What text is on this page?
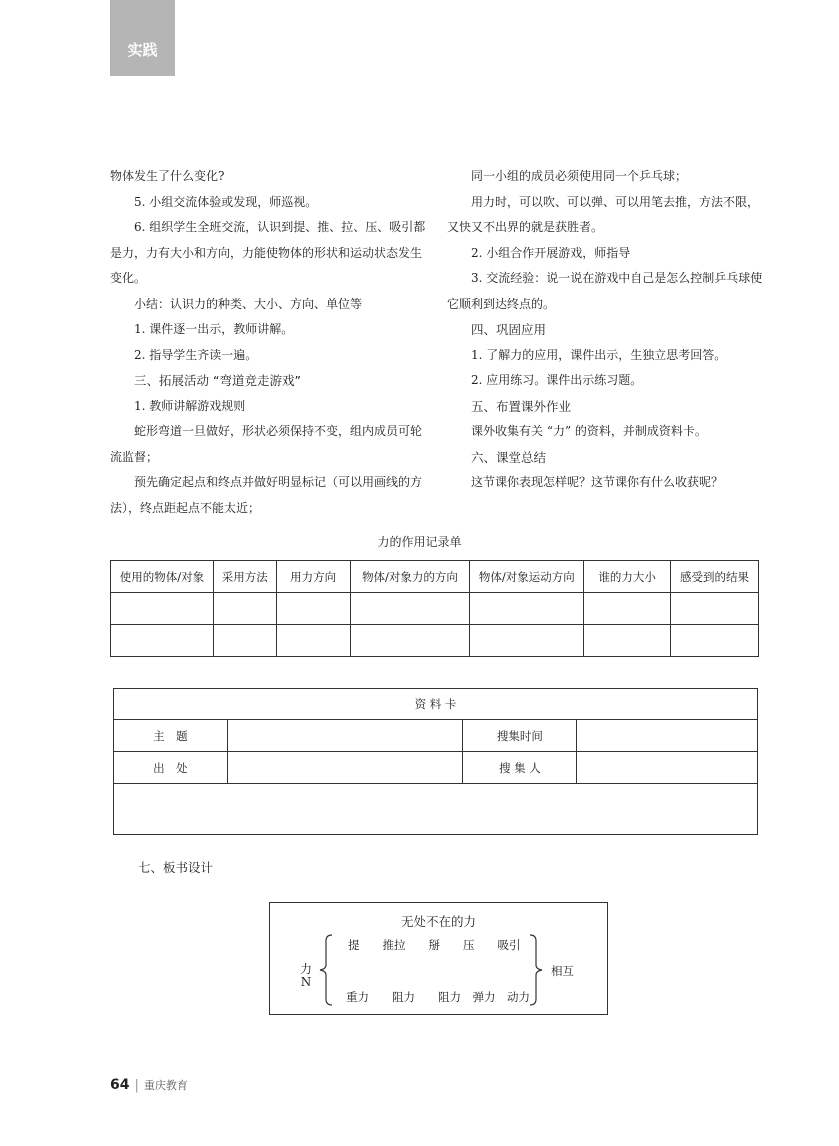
实践

物体发生了什么变化?

5. 小组交流体验或发现，师巡视。

6. 组织学生全班交流，认识到提、推、拉、压、吸引都是力，力有大小和方向，力能使物体的形状和运动状态发生变化。

小结：认识力的种类、大小、方向、单位等

1. 课件逐一出示，教师讲解。

2. 指导学生齐读一遍。

三、拓展活动 “弯道竞走游戏”

1. 教师讲解游戏规则

蛇形弯道一旦做好，形状必须保持不变，组内成员可轮流监督；

预先确定起点和终点并做好明显标记（可以用画线的方法），终点距起点不能太近；

同一小组的成员必须使用同一个乒乓球；

用力时，可以吹、可以弹、可以用笔去推，方法不限，又快又不出界的就是获胜者。

2. 小组合作开展游戏，师指导

3. 交流经验：说一说在游戏中自己是怎么控制乒乓球使它顺利到达终点的。

四、巩固应用

1. 了解力的应用，课件出示，生独立思考回答。

2. 应用练习。课件出示练习题。

五、布置课外作业

课外收集有关 “力” 的资料，并制成资料卡。

六、课堂总结

这节课你表现怎样呢？这节课你有什么收获呢？

力的作用记录单
使用的物体/对象	采用方法	用力方向	物体/对象力的方向	物体/对象运动方向	谁的力大小	感受到的结果

资 料 卡			
主　题		搜集时间	
出　处		搜 集 人	

七、板书设计
无处不在的力
力
N
提　　推拉　　掰　　压　　吸引
重力　　阻力　　阻力　弹力　动力
相互
64 | 重庆教育
